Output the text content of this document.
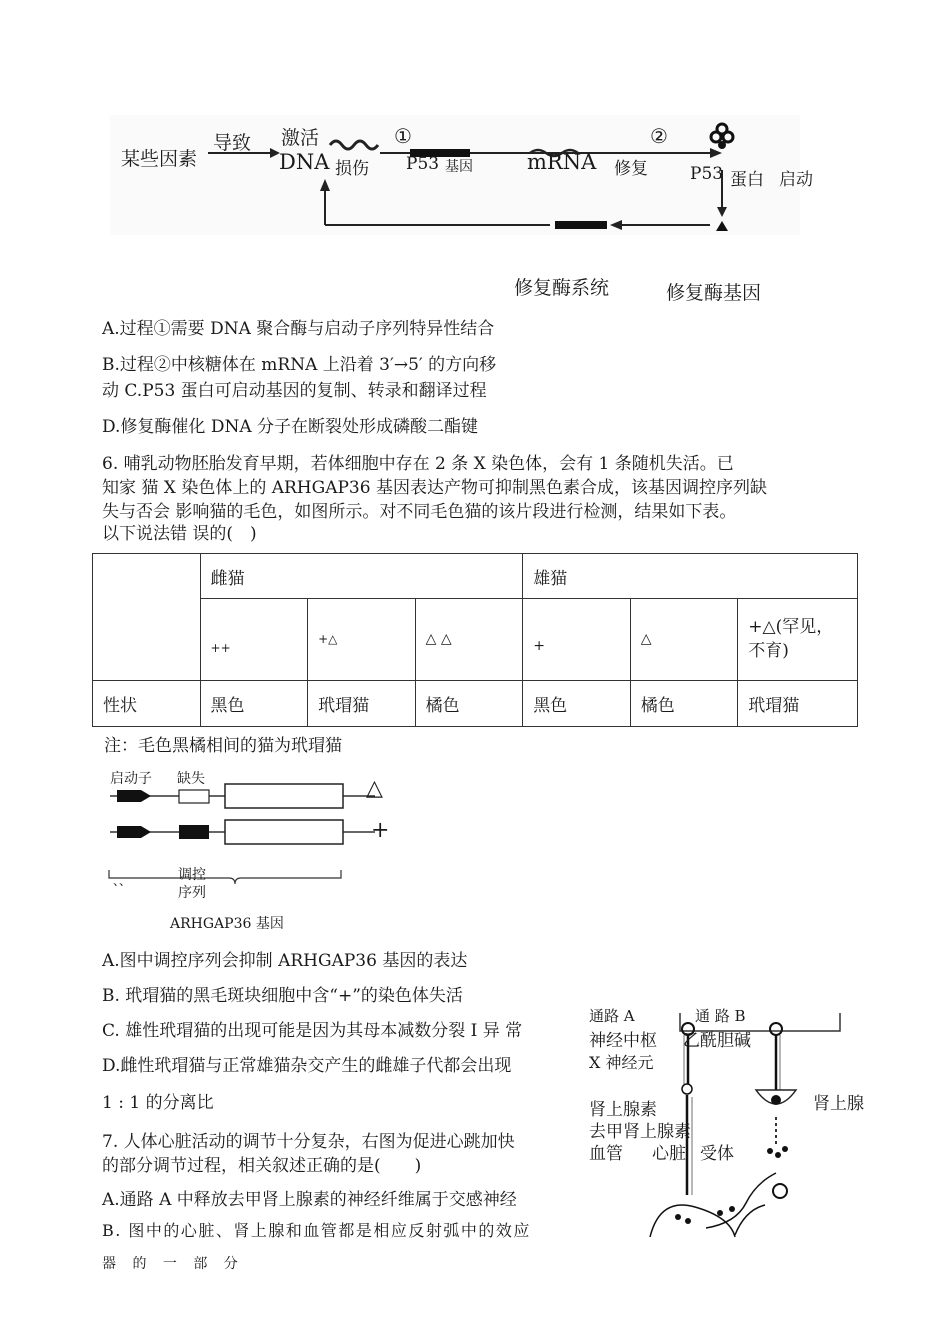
某些因素
导致 激活
DNA 损伤
①
P53 基因	mRNA 修复
②
P53 蛋白 启动
修复酶系统	修复酶基因
A.过程①需要 DNA 聚合酶与启动子序列特异性结合
B.过程②中核糖体在 mRNA 上沿着 3′→5′ 的方向移
动 C.P53 蛋白可启动基因的复制、转录和翻译过程
D.修复酶催化 DNA 分子在断裂处形成磷酸二酯键
6. 哺乳动物胚胎发育早期，若体细胞中存在 2 条 X 染色体，会有 1 条随机失活。已
知家 猫 X 染色体上的 ARHGAP36 基因表达产物可抑制黑色素合成，该基因调控序列缺
失与否会 影响猫的毛色，如图所示。对不同毛色猫的该片段进行检测，结果如下表。
以下说法错 误的(　)
	雌猫			雄猫		
	++	+△	△ △	+	△	+△(罕见，
不育)

性状	黑色	玳瑁猫	橘色	黑色	橘色	玳瑁猫
注：毛色黑橘相间的猫为玳瑁猫
启动子 缺失	△
+
、、	调控
序列
ARHGAP36 基因
A.图中调控序列会抑制 ARHGAP36 基因的表达
B. 玳瑁猫的黑毛斑块细胞中含“+”的染色体失活
C. 雄性玳瑁猫的出现可能是因为其母本减数分裂 I 异 常
D.雌性玳瑁猫与正常雄猫杂交产生的雌雄子代都会出现
1 : 1 的分离比
7. 人体心脏活动的调节十分复杂，右图为促进心跳加快
的部分调节过程，相关叙述正确的是(　　)
A.通路 A 中释放去甲肾上腺素的神经纤维属于交感神经
B. 图中的心脏、肾上腺和血管都是相应反射弧中的效应
器 的 一 部 分
通路 A	通 路 B
神经中枢 乙酰胆碱
X 神经元
肾上腺素	肾上腺
去甲肾上腺素
血管 心脏 受体
